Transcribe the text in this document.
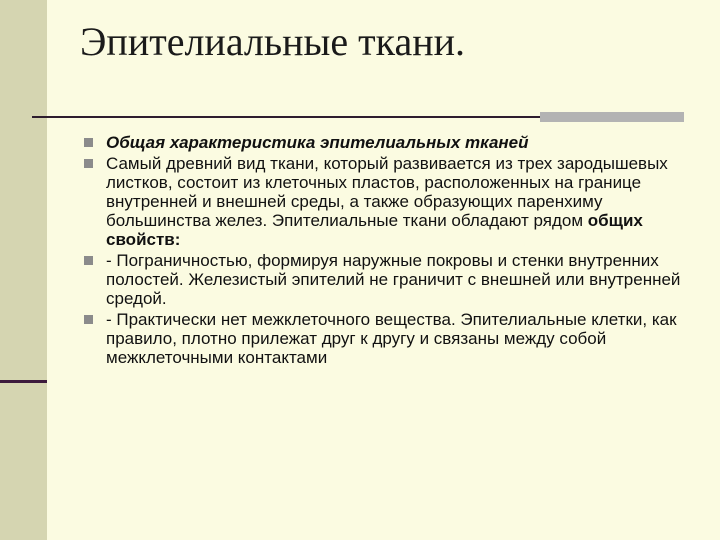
Эпителиальные ткани.
Общая характеристика эпителиальных тканей
Самый древний вид ткани, который развивается из трех зародышевых листков, состоит из клеточных пластов, расположенных на границе внутренней и внешней среды, а также образующих паренхиму большинства желез. Эпителиальные ткани обладают рядом общих свойств:
- Пограничностью, формируя наружные покровы и стенки внутренних полостей. Железистый эпителий не граничит с внешней или внутренней средой.
- Практически нет межклеточного вещества. Эпителиальные клетки, как правило, плотно прилежат друг к другу и связаны между собой межклеточными контактами
